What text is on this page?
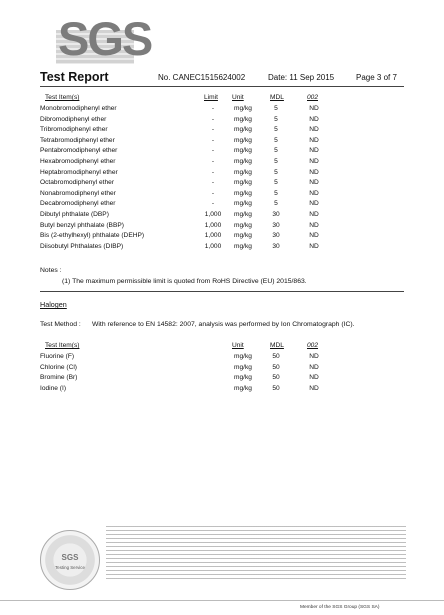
SGS
Test Report	No. CANEC1515624002	Date: 11 Sep 2015	Page 3 of 7
Test Item(s)	Limit Unit	MDL	002
Monobromodiphenyl ether	-	mg/kg	5	ND
Dibromodiphenyl ether	-	mg/kg	5	ND
Tribromodiphenyl ether	-	mg/kg	5	ND
Tetrabromodiphenyl ether	-	mg/kg	5	ND
Pentabromodiphenyl ether	-	mg/kg	5	ND
Hexabromodiphenyl ether	-	mg/kg	5	ND
Heptabromodiphenyl ether	-	mg/kg	5	ND
Octabromodiphenyl ether	-	mg/kg	5	ND
Nonabromodiphenyl ether	-	mg/kg	5	ND
Decabromodiphenyl ether	-	mg/kg	5	ND
Dibutyl phthalate (DBP)	1,000	mg/kg	30	ND
Butyl benzyl phthalate (BBP)	1,000	mg/kg	30	ND
Bis (2-ethylhexyl) phthalate (DEHP)	1,000	mg/kg	30	ND
Diisobutyl Phthalates (DIBP)	1,000	mg/kg	30	ND
Notes :
(1) The maximum permissible limit is quoted from RoHS Directive (EU) 2015/863.
Halogen
Test Method : With reference to EN 14582: 2007, analysis was performed by Ion Chromatograph (IC).
Test Item(s)	Unit	MDL	002
Fluorine (F)	mg/kg	50	ND
Chlorine (Cl)	mg/kg	50	ND
Bromine (Br)	mg/kg	50	ND
Iodine (I)	mg/kg	50	ND
SGS
Testing Service
Member of the SGS Group (SGS SA)
